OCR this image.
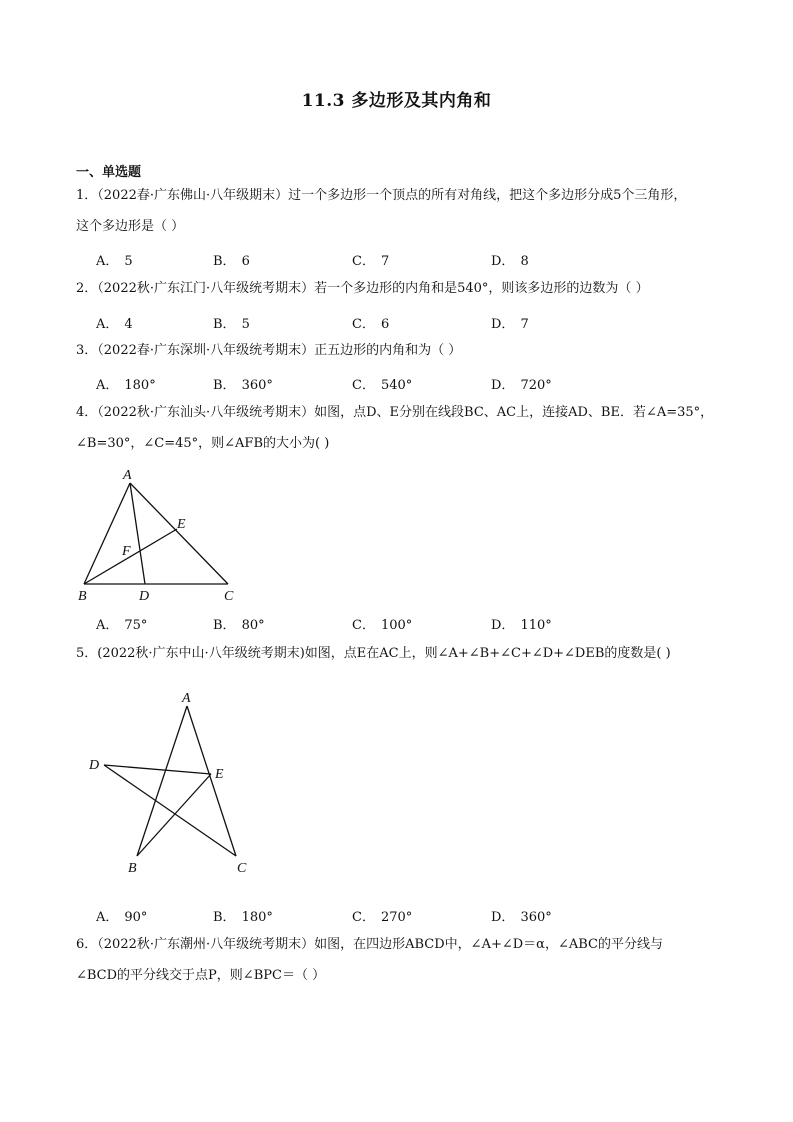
11.3 多边形及其内角和
一、单选题
1．（2022春·广东佛山·八年级期末）过一个多边形一个顶点的所有对角线，把这个多边形分成5个三角形，
这个多边形是（ ）
A． 5	B． 6	C． 7	D． 8
2．（2022秋·广东江门·八年级统考期末）若一个多边形的内角和是540°，则该多边形的边数为（ ）
A． 4	B． 5	C． 6	D． 7
3．（2022春·广东深圳·八年级统考期末）正五边形的内角和为（ ）
A． 180°	B． 360°	C． 540°	D． 720°
4．（2022秋·广东汕头·八年级统考期末）如图，点D、E分别在线段BC、AC上，连接AD、BE．若∠A=35°，
∠B=30°，∠C=45°，则∠AFB的大小为( )
A
E
F
B	D	C
A． 75°	B． 80°	C． 100°	D． 110°
5．(2022秋·广东中山·八年级统考期末)如图，点E在AC上，则∠A+∠B+∠C+∠D+∠DEB的度数是( )
A
D
E
B	C
A． 90°	B． 180°	C． 270°	D． 360°
6．（2022秋·广东潮州·八年级统考期末）如图，在四边形ABCD中，∠A+∠D＝α，∠ABC的平分线与
∠BCD的平分线交于点P，则∠BPC＝（ ）
